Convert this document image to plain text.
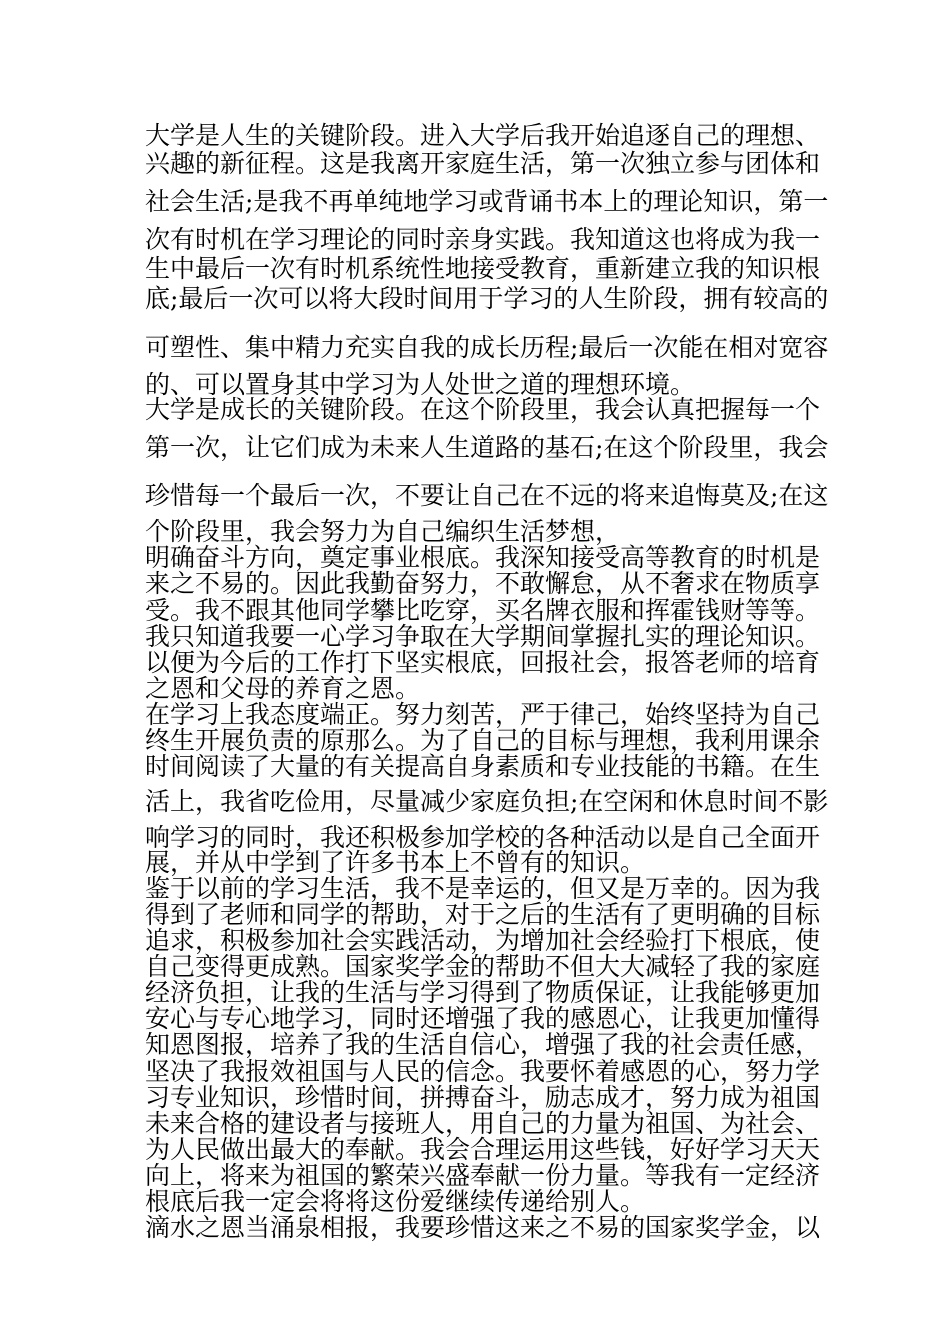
大学是人生的关键阶段。进入大学后我开始追逐自己的理想、

兴趣的新征程。这是我离开家庭生活，第一次独立参与团体和

社会生活;是我不再单纯地学习或背诵书本上的理论知识，第一

次有时机在学习理论的同时亲身实践。我知道这也将成为我一

生中最后一次有时机系统性地接受教育，重新建立我的知识根

底;最后一次可以将大段时间用于学习的人生阶段，拥有较高的

可塑性、集中精力充实自我的成长历程;最后一次能在相对宽容

的、可以置身其中学习为人处世之道的理想环境。

大学是成长的关键阶段。在这个阶段里，我会认真把握每一个

第一次，让它们成为未来人生道路的基石;在这个阶段里，我会

珍惜每一个最后一次，不要让自己在不远的将来追悔莫及;在这

个阶段里，我会努力为自己编织生活梦想，

明确奋斗方向，奠定事业根底。我深知接受高等教育的时机是

来之不易的。因此我勤奋努力，不敢懈怠，从不奢求在物质享

受。我不跟其他同学攀比吃穿，买名牌衣服和挥霍钱财等等。

我只知道我要一心学习争取在大学期间掌握扎实的理论知识。

以便为今后的工作打下坚实根底，回报社会，报答老师的培育

之恩和父母的养育之恩。

在学习上我态度端正。努力刻苦，严于律己，始终坚持为自己

终生开展负责的原那么。为了自己的目标与理想，我利用课余

时间阅读了大量的有关提高自身素质和专业技能的书籍。在生

活上，我省吃俭用，尽量减少家庭负担;在空闲和休息时间不影

响学习的同时，我还积极参加学校的各种活动以是自己全面开

展，并从中学到了许多书本上不曾有的知识。

鉴于以前的学习生活，我不是幸运的，但又是万幸的。因为我

得到了老师和同学的帮助，对于之后的生活有了更明确的目标

追求，积极参加社会实践活动，为增加社会经验打下根底，使

自己变得更成熟。国家奖学金的帮助不但大大减轻了我的家庭

经济负担，让我的生活与学习得到了物质保证，让我能够更加

安心与专心地学习，同时还增强了我的感恩心，让我更加懂得

知恩图报，培养了我的生活自信心，增强了我的社会责任感，

坚决了我报效祖国与人民的信念。我要怀着感恩的心，努力学

习专业知识，珍惜时间，拼搏奋斗，励志成才，努力成为祖国

未来合格的建设者与接班人，用自己的力量为祖国、为社会、

为人民做出最大的奉献。我会合理运用这些钱，好好学习天天

向上，将来为祖国的繁荣兴盛奉献一份力量。等我有一定经济

根底后我一定会将将这份爱继续传递给别人。

滴水之恩当涌泉相报，我要珍惜这来之不易的国家奖学金，以
